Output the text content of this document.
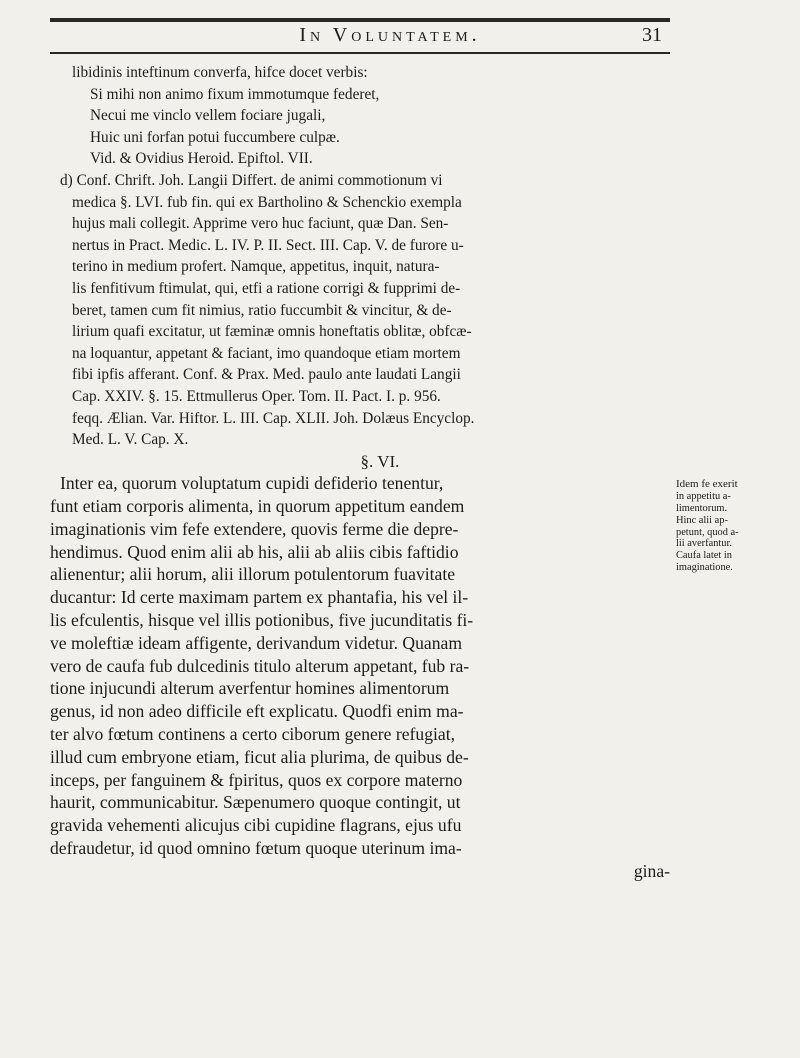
In Voluntatem.	31
libidinis inteftinum converfa, hifce docet verbis:
Si mihi non animo fixum immotumque federet,
Necui me vinclo vellem fociare jugali,
Huic uni forfan potui fuccumbere culpæ.
Vid. & Ovidius Heroid. Epiftol. VII.
d) Conf. Chrift. Joh. Langii Differt. de animi commotionum vi
medica §. LVI. fub fin. qui ex Bartholino & Schenckio exempla
hujus mali collegit. Apprime vero huc faciunt, quæ Dan. Sen-
nertus in Pract. Medic. L. IV. P. II. Sect. III. Cap. V. de furore u-
terino in medium profert. Namque, appetitus, inquit, natura-
lis fenfitivum ftimulat, qui, etfi a ratione corrigi & fupprimi de-
beret, tamen cum fit nimius, ratio fuccumbit & vincitur, & de-
lirium quafi excitatur, ut fæminæ omnis honeftatis oblitæ, obfcæ-
na loquantur, appetant & faciant, imo quandoque etiam mortem
fibi ipfis afferant. Conf. & Prax. Med. paulo ante laudati Langii
Cap. XXIV. §. 15. Ettmullerus Oper. Tom. II. Pact. I. p. 956.
feqq. Ælian. Var. Hiftor. L. III. Cap. XLII. Joh. Dolæus Encyclop.
Med. L. V. Cap. X.
§. VI.
Inter ea, quorum voluptatum cupidi defiderio tenentur,
funt etiam corporis alimenta, in quorum appetitum eandem
imaginationis vim fefe extendere, quovis ferme die depre-
hendimus. Quod enim alii ab his, alii ab aliis cibis faftidio
alienentur; alii horum, alii illorum potulentorum fuavitate
ducantur: Id certe maximam partem ex phantafia, his vel il-
lis efculentis, hisque vel illis potionibus, five jucunditatis fi-
ve moleftiæ ideam affigente, derivandum videtur. Quanam
vero de caufa fub dulcedinis titulo alterum appetant, fub ra-
tione injucundi alterum averfentur homines alimentorum
genus, id non adeo difficile eft explicatu. Quodfi enim ma-
ter alvo fœtum continens a certo ciborum genere refugiat,
illud cum embryone etiam, ficut alia plurima, de quibus de-
inceps, per fanguinem & fpiritus, quos ex corpore materno
haurit, communicabitur. Sæpenumero quoque contingit, ut
gravida vehementi alicujus cibi cupidine flagrans, ejus ufu
defraudetur, id quod omnino fœtum quoque uterinum ima-
gina-
Idem fe exerit
in appetitu a-
limentorum.
Hinc alii ap-
petunt, quod a-
lii averfantur.
Caufa latet in
imaginatione.
